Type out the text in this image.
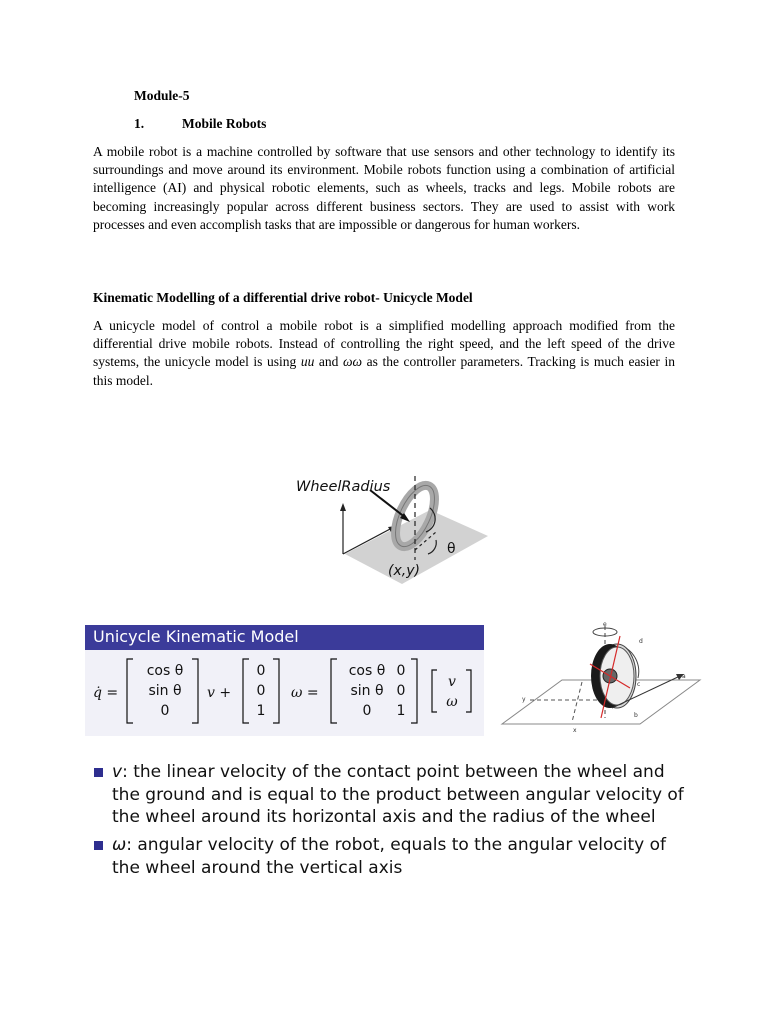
Module-5
1.	Mobile Robots
A mobile robot is a machine controlled by software that use sensors and other technology to identify its surroundings and move around its environment. Mobile robots function using a combination of artificial intelligence (AI) and physical robotic elements, such as wheels, tracks and legs. Mobile robots are becoming increasingly popular across different business sectors. They are used to assist with work processes and even accomplish tasks that are impossible or dangerous for human workers.
Kinematic Modelling of a differential drive robot- Unicycle Model
A unicycle model of control a mobile robot is a simplified modelling approach modified from the differential drive mobile robots. Instead of controlling the right speed, and the left speed of the drive systems, the unicycle model is using uu and ωω as the controller parameters. Tracking is much easier in this model.
WheelRadius
(x,y)
θ
Unicycle Kinematic Model
q̇ =
cos θ
sin θ
0
v +
0
0
1
ω =
cos θ 0
sin θ 0
0 1
v
ω
e
d
a
c
b
x
y
v: the linear velocity of the contact point between the wheel and the ground and is equal to the product between angular velocity of the wheel around its horizontal axis and the radius of the wheel
ω: angular velocity of the robot, equals to the angular velocity of the wheel around the vertical axis
